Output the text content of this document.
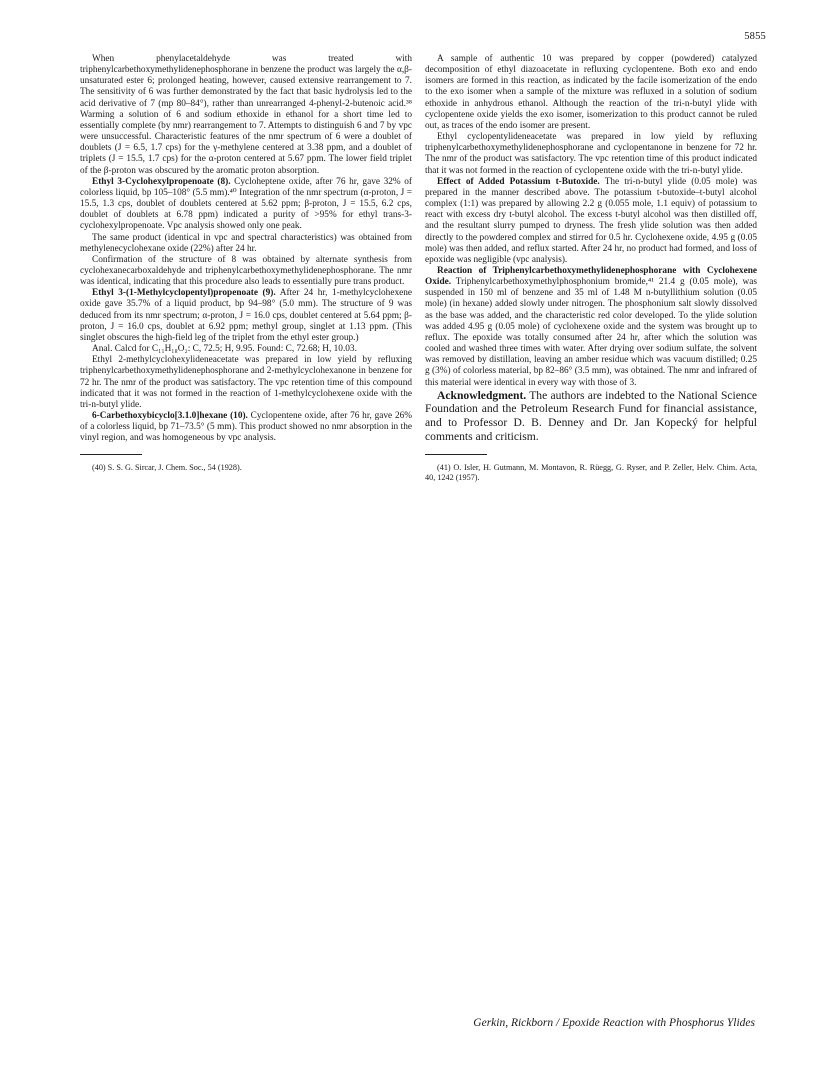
5855

When phenylacetaldehyde was treated with triphenylcarbethoxymethylidenephosphorane in benzene the product was largely the α,β-unsaturated ester 6; prolonged heating, however, caused extensive rearrangement to 7. The sensitivity of 6 was further demonstrated by the fact that basic hydrolysis led to the acid derivative of 7 (mp 80–84°), rather than unrearranged 4-phenyl-2-butenoic acid.³⁸ Warming a solution of 6 and sodium ethoxide in ethanol for a short time led to essentially complete (by nmr) rearrangement to 7. Attempts to distinguish 6 and 7 by vpc were unsuccessful. Characteristic features of the nmr spectrum of 6 were a doublet of doublets (J = 6.5, 1.7 cps) for the γ-methylene centered at 3.38 ppm, and a doublet of triplets (J = 15.5, 1.7 cps) for the α-proton centered at 5.67 ppm. The lower field triplet of the β-proton was obscured by the aromatic proton absorption.

Ethyl 3-Cyclohexylpropenoate (8). Cycloheptene oxide, after 76 hr, gave 32% of colorless liquid, bp 105–108° (5.5 mm).⁴⁰ Integration of the nmr spectrum (α-proton, J = 15.5, 1.3 cps, doublet of doublets centered at 5.62 ppm; β-proton, J = 15.5, 6.2 cps, doublet of doublets at 6.78 ppm) indicated a purity of >95% for ethyl trans-3-cyclohexylpropenoate. Vpc analysis showed only one peak.

The same product (identical in vpc and spectral characteristics) was obtained from methylenecyclohexane oxide (22%) after 24 hr.

Confirmation of the structure of 8 was obtained by alternate synthesis from cyclohexanecarboxaldehyde and triphenylcarbethoxymethylidenephosphorane. The nmr was identical, indicating that this procedure also leads to essentially pure trans product.

Ethyl 3-(1-Methylcyclopentyl)propenoate (9). After 24 hr, 1-methylcyclohexene oxide gave 35.7% of a liquid product, bp 94–98° (5.0 mm). The structure of 9 was deduced from its nmr spectrum; α-proton, J = 16.0 cps, doublet centered at 5.64 ppm; β-proton, J = 16.0 cps, doublet at 6.92 ppm; methyl group, singlet at 1.13 ppm. (This singlet obscures the high-field leg of the triplet from the ethyl ester group.)

Anal. Calcd for C₁₁H₁₈O₂: C, 72.5; H, 9.95. Found: C, 72.68; H, 10.03.

Ethyl 2-methylcyclohexylideneacetate was prepared in low yield by refluxing triphenylcarbethoxymethylidenephosphorane and 2-methylcyclohexanone in benzene for 72 hr. The nmr of the product was satisfactory. The vpc retention time of this compound indicated that it was not formed in the reaction of 1-methylcyclohexene oxide with the tri-n-butyl ylide.

6-Carbethoxybicyclo[3.1.0]hexane (10). Cyclopentene oxide, after 76 hr, gave 26% of a colorless liquid, bp 71–73.5° (5 mm). This product showed no nmr absorption in the vinyl region, and was homogeneous by vpc analysis.

(40) S. S. G. Sircar, J. Chem. Soc., 54 (1928).

A sample of authentic 10 was prepared by copper (powdered) catalyzed decomposition of ethyl diazoacetate in refluxing cyclopentene. Both exo and endo isomers are formed in this reaction, as indicated by the facile isomerization of the endo to the exo isomer when a sample of the mixture was refluxed in a solution of sodium ethoxide in anhydrous ethanol. Although the reaction of the tri-n-butyl ylide with cyclopentene oxide yields the exo isomer, isomerization to this product cannot be ruled out, as traces of the endo isomer are present.

Ethyl cyclopentylideneacetate was prepared in low yield by refluxing triphenylcarbethoxymethylidenephosphorane and cyclopentanone in benzene for 72 hr. The nmr of the product was satisfactory. The vpc retention time of this product indicated that it was not formed in the reaction of cyclopentene oxide with the tri-n-butyl ylide.

Effect of Added Potassium t-Butoxide. The tri-n-butyl ylide (0.05 mole) was prepared in the manner described above. The potassium t-butoxide–t-butyl alcohol complex (1:1) was prepared by allowing 2.2 g (0.055 mole, 1.1 equiv) of potassium to react with excess dry t-butyl alcohol. The excess t-butyl alcohol was then distilled off, and the resultant slurry pumped to dryness. The fresh ylide solution was then added directly to the powdered complex and stirred for 0.5 hr. Cyclohexene oxide, 4.95 g (0.05 mole) was then added, and reflux started. After 24 hr, no product had formed, and loss of epoxide was negligible (vpc analysis).

Reaction of Triphenylcarbethoxymethylidenephosphorane with Cyclohexene Oxide. Triphenylcarbethoxymethylphosphonium bromide,⁴¹ 21.4 g (0.05 mole), was suspended in 150 ml of benzene and 35 ml of 1.48 M n-butyllithium solution (0.05 mole) (in hexane) added slowly under nitrogen. The phosphonium salt slowly dissolved as the base was added, and the characteristic red color developed. To the ylide solution was added 4.95 g (0.05 mole) of cyclohexene oxide and the system was brought up to reflux. The epoxide was totally consumed after 24 hr, after which the solution was cooled and washed three times with water. After drying over sodium sulfate, the solvent was removed by distillation, leaving an amber residue which was vacuum distilled; 0.25 g (3%) of colorless material, bp 82–86° (3.5 mm), was obtained. The nmr and infrared of this material were identical in every way with those of 3.

Acknowledgment. The authors are indebted to the National Science Foundation and the Petroleum Research Fund for financial assistance, and to Professor D. B. Denney and Dr. Jan Kopecký for helpful comments and criticism.

(41) O. Isler, H. Gutmann, M. Montavon, R. Rüegg, G. Ryser, and P. Zeller, Helv. Chim. Acta, 40, 1242 (1957).

Gerkin, Rickborn / Epoxide Reaction with Phosphorus Ylides
